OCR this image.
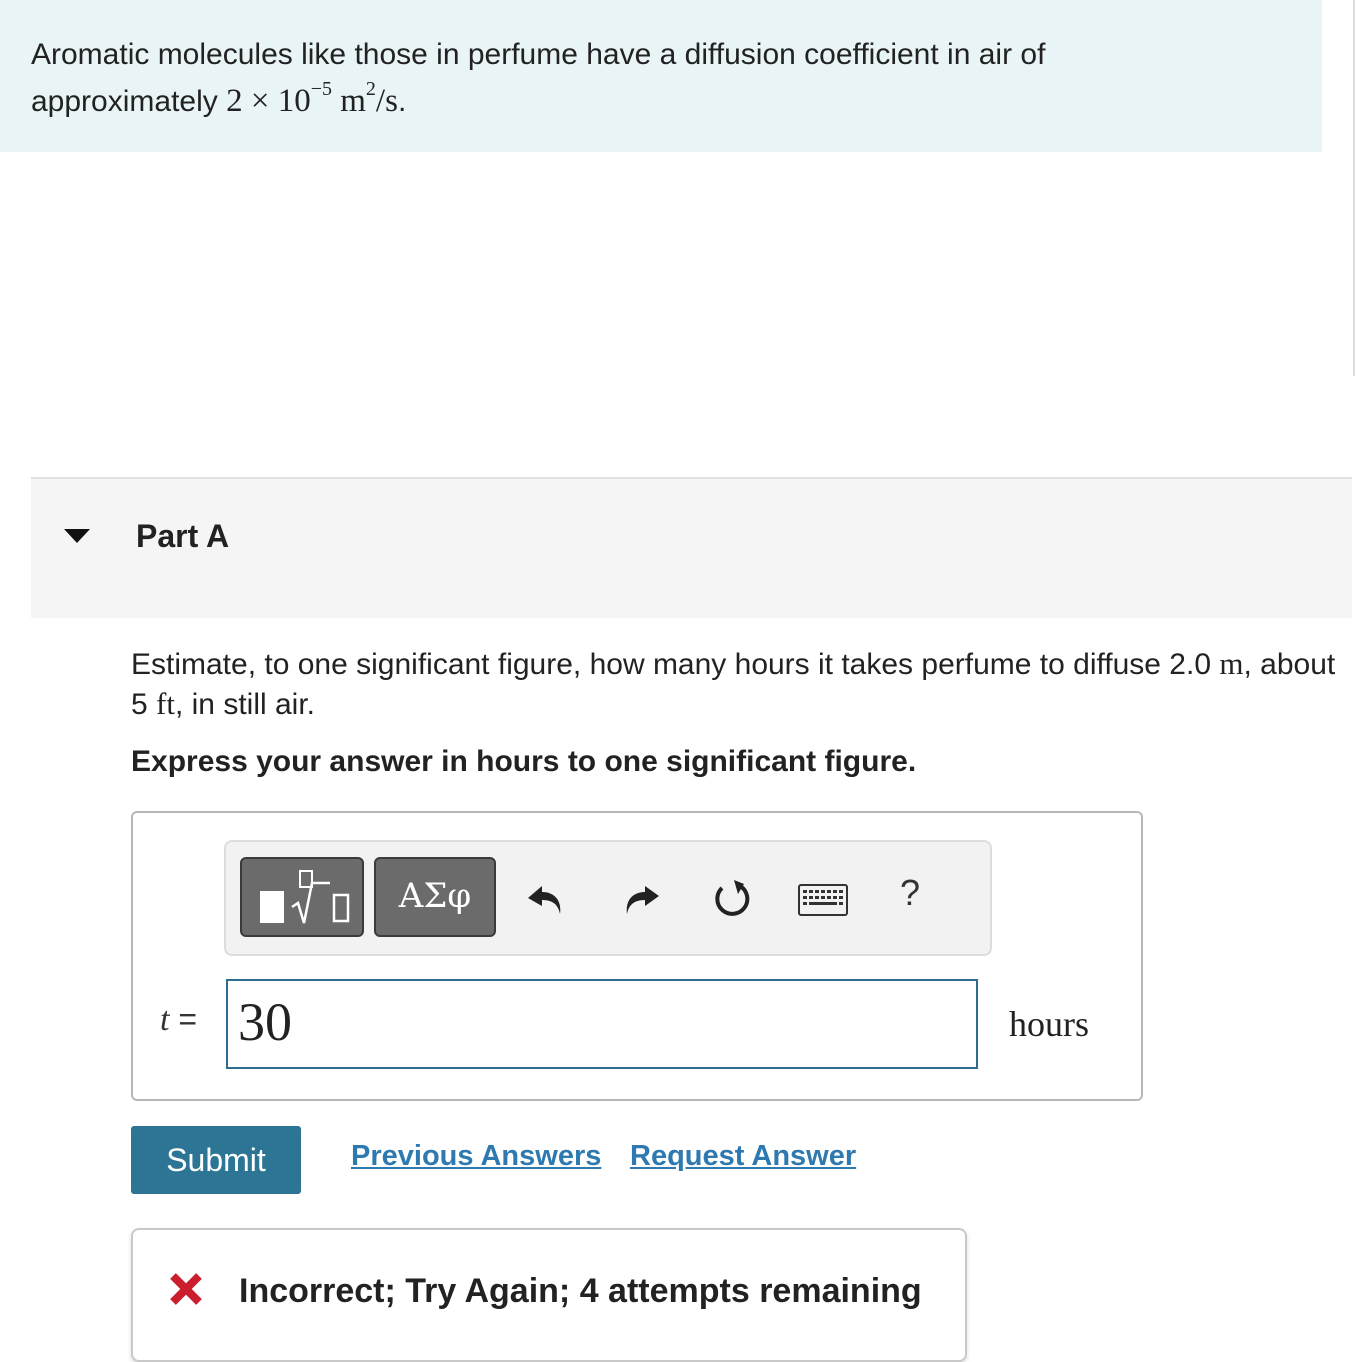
Aromatic molecules like those in perfume have a diffusion coefficient in air of approximately $2 \times 10^{-5}$ $m^2/s$.
Part A
Estimate, to one significant figure, how many hours it takes perfume to diffuse 2.0 m, about 5 ft, in still air.
Express your answer in hours to one significant figure.
ΑΣφ	?
t = 30	hours
Submit	Previous Answers Request Answer
Incorrect; Try Again; 4 attempts remaining
